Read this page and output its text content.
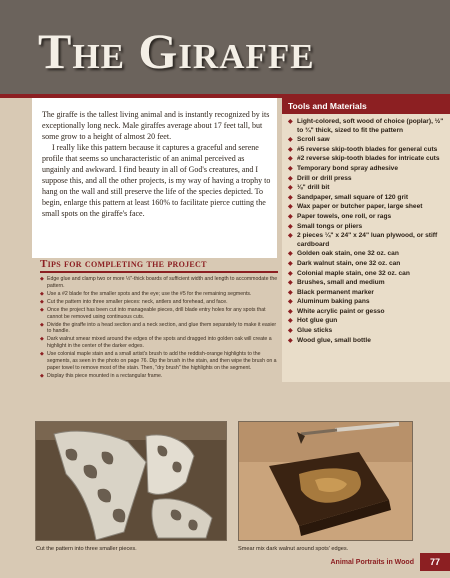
The Giraffe

The giraffe is the tallest living animal and is instantly recognized by its exceptionally long neck. Male giraffes average about 17 feet tall, but some grow to a height of almost 20 feet.

I really like this pattern because it captures a graceful and serene profile that seems so uncharacteristic of an animal perceived as ungainly and awkward. I find beauty in all of God's creatures, and I suppose this, and all the other projects, is my way of having a trophy to hang on the wall and still preserve the life of the species depicted. To begin, enlarge this pattern at least 160% to facilitate pierce cutting the small spots on the giraffe's face.

Tools and Materials
◆ Light-colored, soft wood of choice (poplar), ½" to ¾" thick, sized to fit the pattern
◆ Scroll saw
◆ #5 reverse skip-tooth blades for general cuts
◆ #2 reverse skip-tooth blades for intricate cuts
◆ Temporary bond spray adhesive
◆ Drill or drill press
◆ ⅛" drill bit
◆ Sandpaper, small square of 120 grit
◆ Wax paper or butcher paper, large sheet
◆ Paper towels, one roll, or rags
◆ Small tongs or pliers
◆ 2 pieces ¼" x 24" x 24" luan plywood, or stiff cardboard
◆ Golden oak stain, one 32 oz. can
◆ Dark walnut stain, one 32 oz. can
◆ Colonial maple stain, one 32 oz. can
◆ Brushes, small and medium
◆ Black permanent marker
◆ Aluminum baking pans
◆ White acrylic paint or gesso
◆ Hot glue gun
◆ Glue sticks
◆ Wood glue, small bottle
Tips for completing the project
◆ Edge glue and clamp two or more ½"-thick boards of sufficient width and length to accommodate the pattern.
◆ Use a #2 blade for the smaller spots and the eye; use the #5 for the remaining segments.
◆ Cut the pattern into three smaller pieces: neck, antlers and forehead, and face.
◆ Once the project has been cut into manageable pieces, drill blade entry holes for any spots that cannot be removed using continuous cuts.
◆ Divide the giraffe into a head section and a neck section, and glue them separately to make it easier to handle.
◆ Dark walnut smear mixed around the edges of the spots and dragged into golden oak will create a highlight in the center of the darker edges.
◆ Use colonial maple stain and a small artist's brush to add the reddish-orange highlights to the segments, as seen in the photo on page 76. Dip the brush in the stain, and then wipe the brush on a paper towel to remove most of the stain. Then, "dry brush" the highlights on the segment.
◆ Display this piece mounted in a rectangular frame.
Cut the pattern into three smaller pieces.	Smear mix dark walnut around spots' edges.
Animal Portraits in Wood	77
